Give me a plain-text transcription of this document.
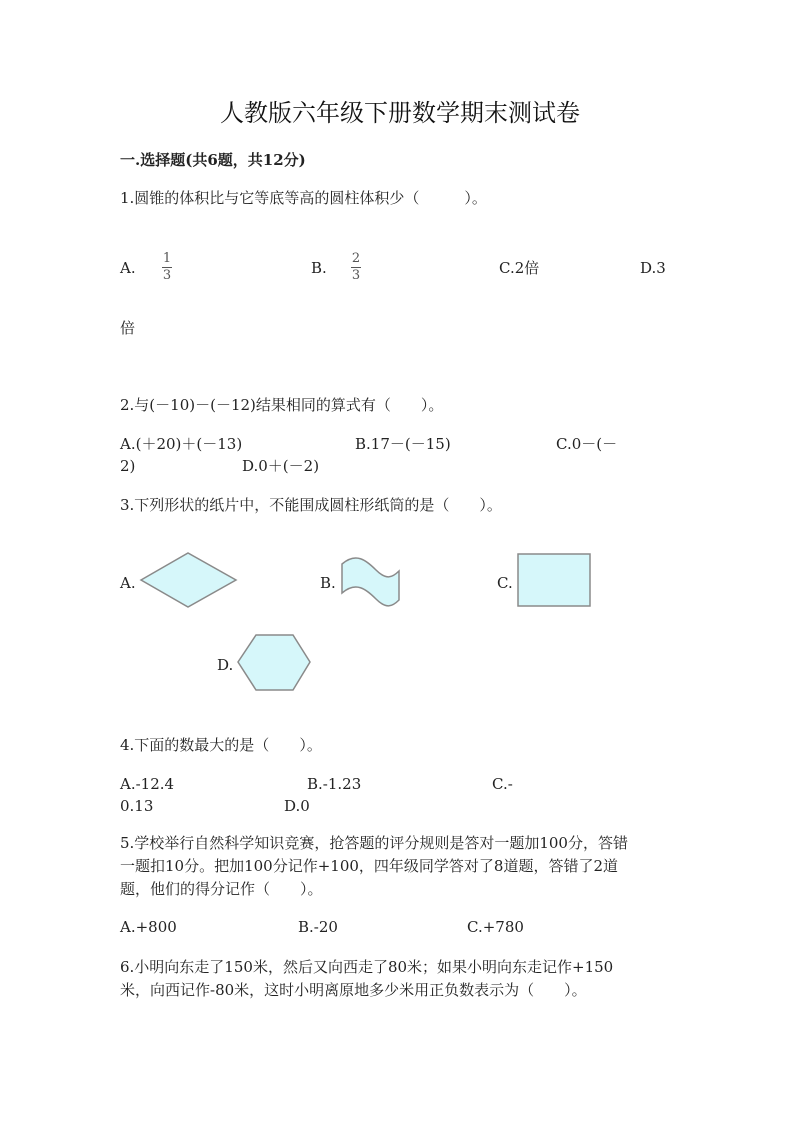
人教版六年级下册数学期末测试卷
一.选择题(共6题，共12分)
1.圆锥的体积比与它等底等高的圆柱体积少（　　　）。
A.
1
3	B.
2
3	C.2倍	D.3
倍
2.与(－10)－(－12)结果相同的算式有（　　）。
A.(＋20)＋(－13)	B.17－(－15)	C.0－(－
2)	D.0＋(－2)
3.下列形状的纸片中，不能围成圆柱形纸筒的是（　　）。
A.	B.	C.
D.
4.下面的数最大的是（　　）。
A.-12.4	B.-1.23	C.-
0.13	D.0
5.学校举行自然科学知识竞赛，抢答题的评分规则是答对一题加100分，答错
一题扣10分。把加100分记作+100，四年级同学答对了8道题，答错了2道
题，他们的得分记作（　　）。
A.+800	B.-20	C.+780
6.小明向东走了150米，然后又向西走了80米；如果小明向东走记作+150
米，向西记作-80米，这时小明离原地多少米用正负数表示为（　　）。
